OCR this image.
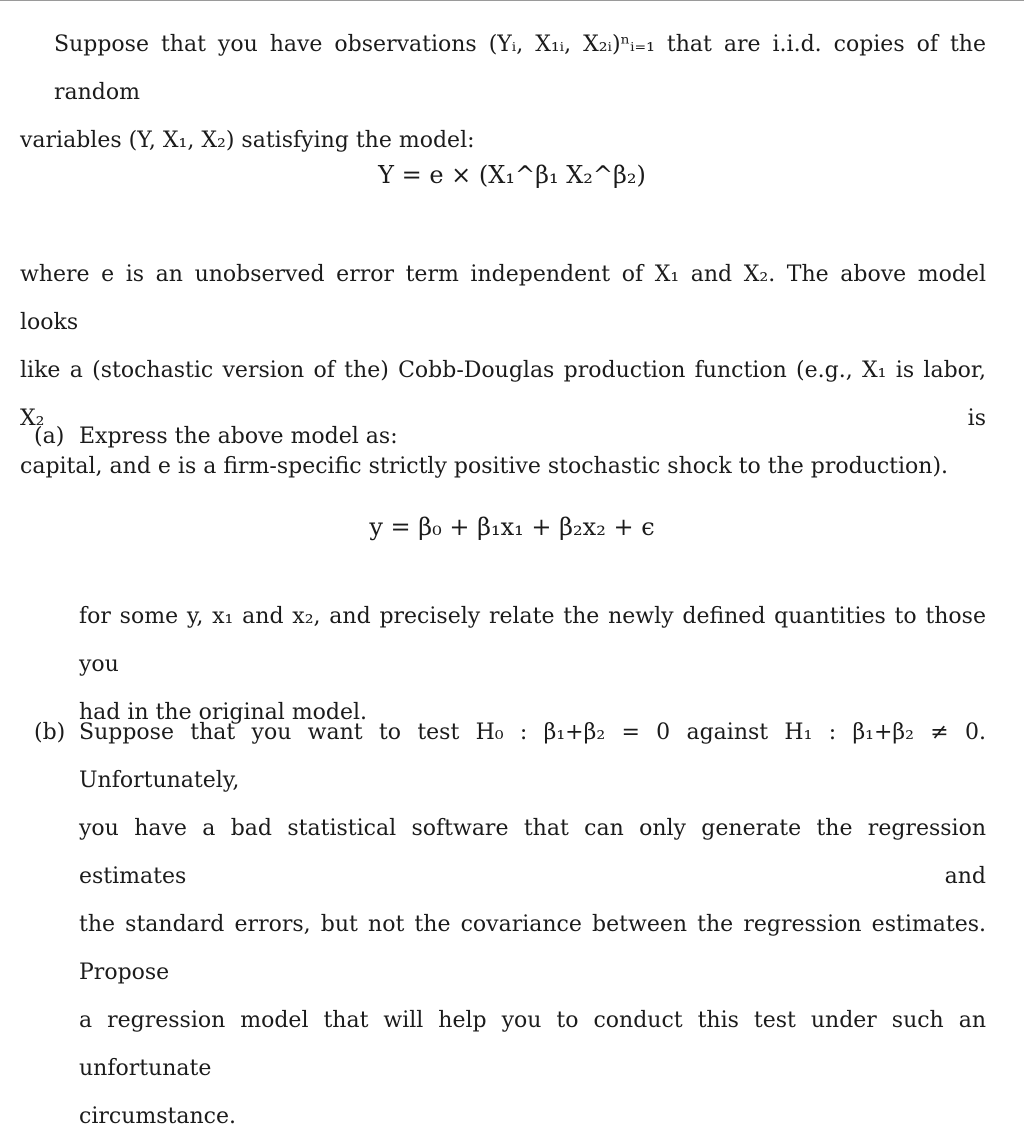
Suppose that you have observations (Yᵢ, X₁ᵢ, X₂ᵢ)ⁿᵢ₌₁ that are i.i.d. copies of the random
variables (Y, X₁, X₂) satisfying the model:
Y = e × (X₁^β₁ X₂^β₂)
where e is an unobserved error term independent of X₁ and X₂. The above model looks
like a (stochastic version of the) Cobb-Douglas production function (e.g., X₁ is labor, X₂ is
capital, and e is a firm-specific strictly positive stochastic shock to the production).
(a) Express the above model as:
y = β₀ + β₁x₁ + β₂x₂ + ϵ
for some y, x₁ and x₂, and precisely relate the newly defined quantities to those you
had in the original model.
(b) Suppose that you want to test H₀ : β₁+β₂ = 0 against H₁ : β₁+β₂ ≠ 0. Unfortunately,
you have a bad statistical software that can only generate the regression estimates and
the standard errors, but not the covariance between the regression estimates. Propose
a regression model that will help you to conduct this test under such an unfortunate
circumstance.
